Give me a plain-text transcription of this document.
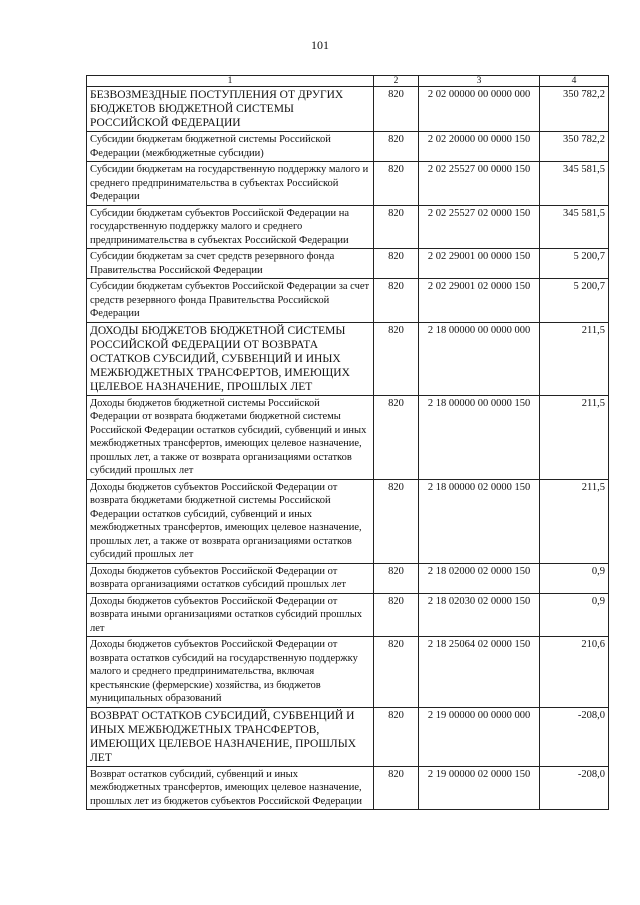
101
1	2	3	4
БЕЗВОЗМЕЗДНЫЕ ПОСТУПЛЕНИЯ ОТ ДРУГИХ БЮДЖЕТОВ БЮДЖЕТНОЙ СИСТЕМЫ РОССИЙСКОЙ ФЕДЕРАЦИИ	820	2 02 00000 00 0000 000	350 782,2
Субсидии бюджетам бюджетной системы Российской Федерации (межбюджетные субсидии)	820	2 02 20000 00 0000 150	350 782,2
Субсидии бюджетам на государственную поддержку малого и среднего предпринимательства в субъектах Российской Федерации	820	2 02 25527 00 0000 150	345 581,5
Субсидии бюджетам субъектов Российской Федерации на государственную поддержку малого и среднего предпринимательства в субъектах Российской Федерации	820	2 02 25527 02 0000 150	345 581,5
Субсидии бюджетам за счет средств резервного фонда Правительства Российской Федерации	820	2 02 29001 00 0000 150	5 200,7
Субсидии бюджетам субъектов Российской Федерации за счет средств резервного фонда Правительства Российской Федерации	820	2 02 29001 02 0000 150	5 200,7
ДОХОДЫ БЮДЖЕТОВ БЮДЖЕТНОЙ СИСТЕМЫ РОССИЙСКОЙ ФЕДЕРАЦИИ ОТ ВОЗВРАТА ОСТАТКОВ СУБСИДИЙ, СУБВЕНЦИЙ И ИНЫХ МЕЖБЮДЖЕТНЫХ ТРАНСФЕРТОВ, ИМЕЮЩИХ ЦЕЛЕВОЕ НАЗНАЧЕНИЕ, ПРОШЛЫХ ЛЕТ	820	2 18 00000 00 0000 000	211,5
Доходы бюджетов бюджетной системы Российской Федерации от возврата бюджетами бюджетной системы Российской Федерации остатков субсидий, субвенций и иных межбюджетных трансфертов, имеющих целевое назначение, прошлых лет, а также от возврата организациями остатков субсидий прошлых лет	820	2 18 00000 00 0000 150	211,5
Доходы бюджетов субъектов Российской Федерации от возврата бюджетами бюджетной системы Российской Федерации остатков субсидий, субвенций и иных межбюджетных трансфертов, имеющих целевое назначение, прошлых лет, а также от возврата организациями остатков субсидий прошлых лет	820	2 18 00000 02 0000 150	211,5
Доходы бюджетов субъектов Российской Федерации от возврата организациями остатков субсидий прошлых лет	820	2 18 02000 02 0000 150	0,9
Доходы бюджетов субъектов Российской Федерации от возврата иными организациями остатков субсидий прошлых лет	820	2 18 02030 02 0000 150	0,9
Доходы бюджетов субъектов Российской Федерации от возврата остатков субсидий на государственную поддержку малого и среднего предпринимательства, включая крестьянские (фермерские) хозяйства, из бюджетов муниципальных образований	820	2 18 25064 02 0000 150	210,6
ВОЗВРАТ ОСТАТКОВ СУБСИДИЙ, СУБВЕНЦИЙ И ИНЫХ МЕЖБЮДЖЕТНЫХ ТРАНСФЕРТОВ, ИМЕЮЩИХ ЦЕЛЕВОЕ НАЗНАЧЕНИЕ, ПРОШЛЫХ ЛЕТ	820	2 19 00000 00 0000 000	-208,0
Возврат остатков субсидий, субвенций и иных межбюджетных трансфертов, имеющих целевое назначение, прошлых лет из бюджетов субъектов Российской Федерации	820	2 19 00000 02 0000 150	-208,0
